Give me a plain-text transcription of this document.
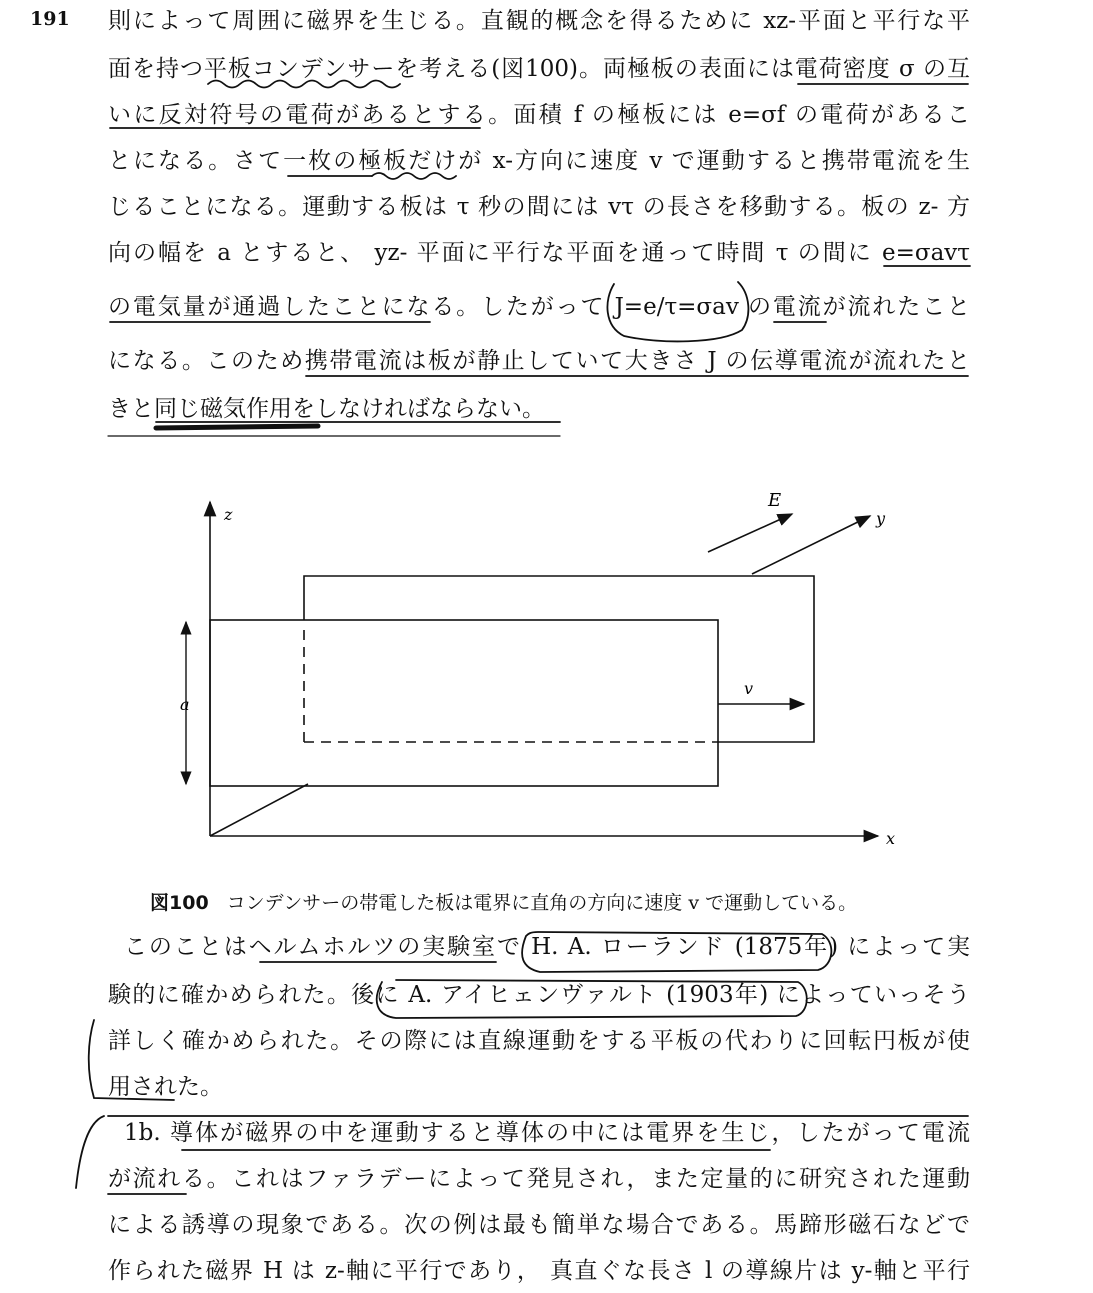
191 則によって周囲に磁界を生じる。直観的概念を得るために xz-平面と平行な平
面を持つ平板コンデンサーを考える(図100)。両極板の表面には電荷密度 σ の互
いに反対符号の電荷があるとする。面積 f の極板には e=σf の電荷があるこ
とになる。さて一枚の極板だけが x-方向に速度 v で運動すると携帯電流を生
じることになる。運動する板は τ 秒の間には vτ の長さを移動する。板の z- 方
向の幅を a とすると、 yz- 平面に平行な平面を通って時間 τ の間に e=σavτ
の電気量が通過したことになる。したがって J=e/τ=σav の電流が流れたこと
になる。このため携帯電流は板が静止していて大きさ J の伝導電流が流れたと
きと同じ磁気作用をしなければならない。
z
x
y
E
v
a
図100 コンデンサーの帯電した板は電界に直角の方向に速度 v で運動している。
このことはヘルムホルツの実験室で H. A. ローランド (1875年) によって実
験的に確かめられた。後に A. アイヒェンヴァルト (1903年) によっていっそう
詳しく確かめられた。その際には直線運動をする平板の代わりに回転円板が使
用された。
1b. 導体が磁界の中を運動すると導体の中には電界を生じ，したがって電流
が流れる。これはファラデーによって発見され，また定量的に研究された運動
による誘導の現象である。次の例は最も簡単な場合である。馬蹄形磁石などで
作られた磁界 H は z-軸に平行であり， 真直ぐな長さ l の導線片は y-軸と平行
